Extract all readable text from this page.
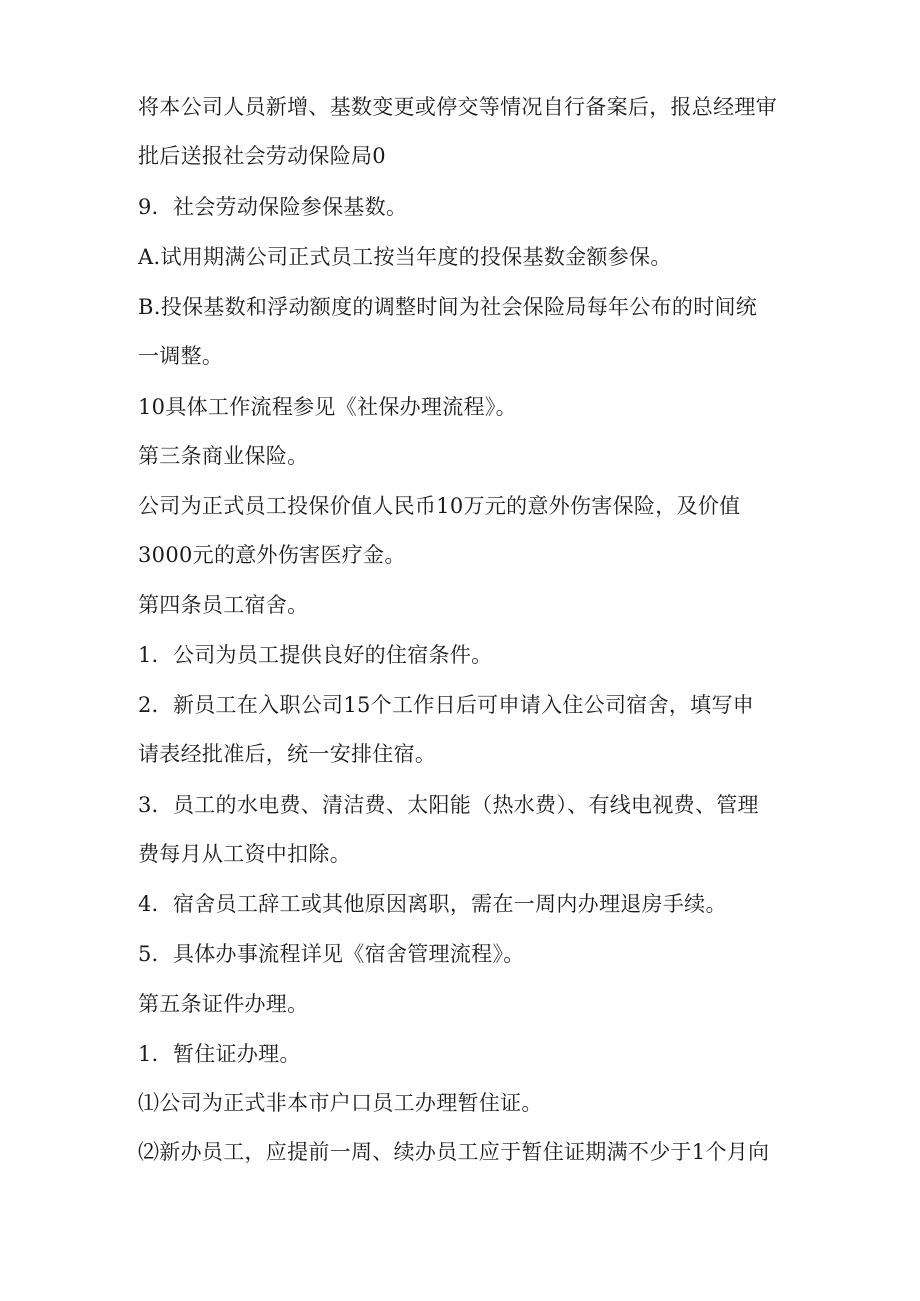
将本公司人员新增、基数变更或停交等情况自行备案后，报总经理审

批后送报社会劳动保险局0

9．社会劳动保险参保基数。

A.试用期满公司正式员工按当年度的投保基数金额参保。

B.投保基数和浮动额度的调整时间为社会保险局每年公布的时间统

一调整。

10具体工作流程参见《社保办理流程》。

第三条商业保险。

公司为正式员工投保价值人民币10万元的意外伤害保险，及价值

3000元的意外伤害医疗金。

第四条员工宿舍。

1．公司为员工提供良好的住宿条件。

2．新员工在入职公司15个工作日后可申请入住公司宿舍，填写申

请表经批准后，统一安排住宿。

3．员工的水电费、清洁费、太阳能（热水费）、有线电视费、管理

费每月从工资中扣除。

4．宿舍员工辞工或其他原因离职，需在一周内办理退房手续。

5．具体办事流程详见《宿舍管理流程》。

第五条证件办理。

1．暂住证办理。

⑴公司为正式非本市户口员工办理暂住证。

⑵新办员工，应提前一周、续办员工应于暂住证期满不少于1个月向
